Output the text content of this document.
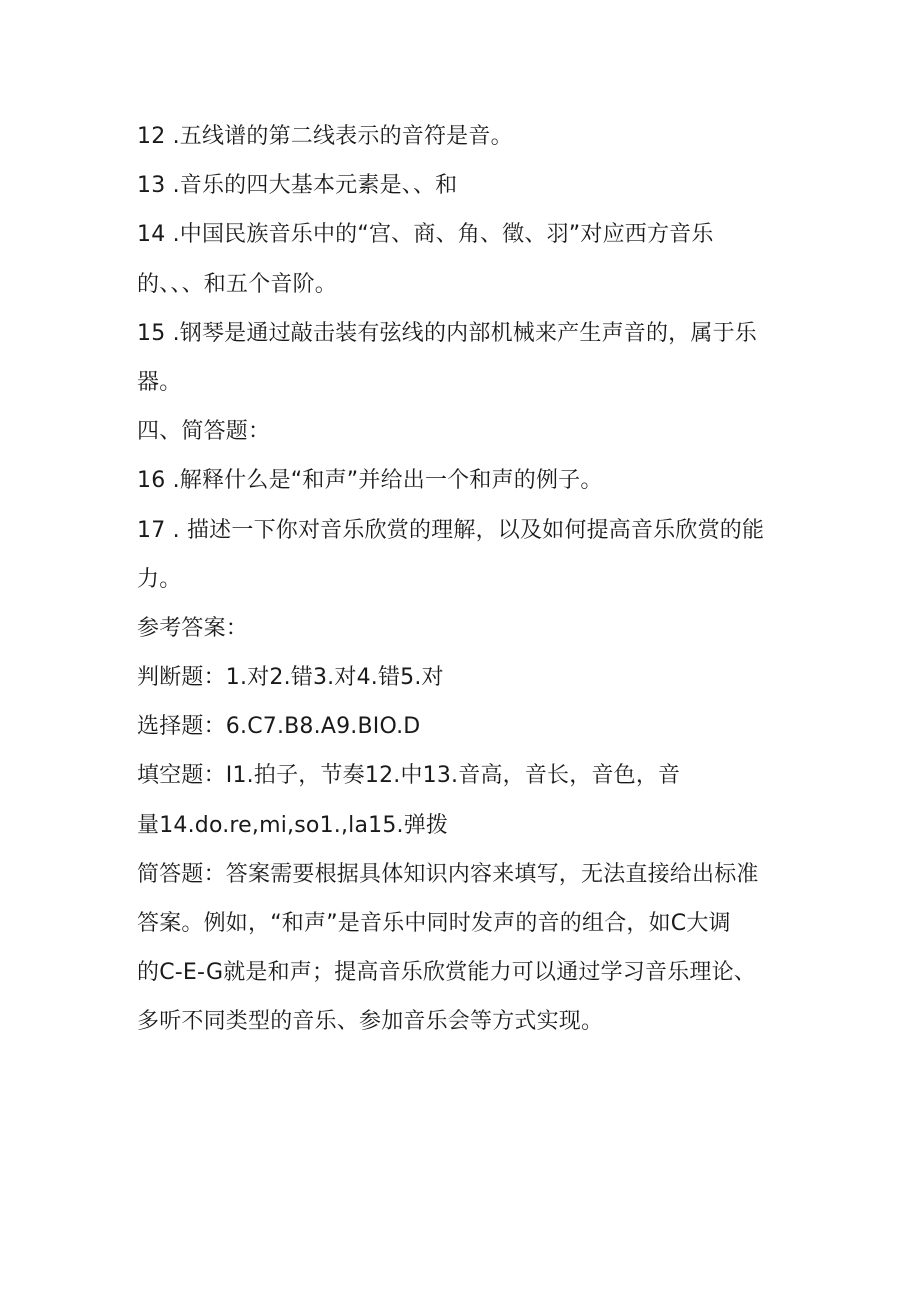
12 .五线谱的第二线表示的音符是音。
13 .音乐的四大基本元素是、、和
14 .中国民族音乐中的“宫、商、角、徵、羽”对应西方音乐
的、、、和五个音阶。
15 .钢琴是通过敲击装有弦线的内部机械来产生声音的，属于乐
器。
四、简答题：
16 .解释什么是“和声”并给出一个和声的例子。
17 . 描述一下你对音乐欣赏的理解，以及如何提高音乐欣赏的能
力。
参考答案：
判断题：1.对2.错3.对4.错5.对
选择题：6.C7.B8.A9.BIO.D
填空题：I1.拍子，节奏12.中13.音高，音长，音色，音
量14.do.re,mi,so1.,la15.弹拨
简答题：答案需要根据具体知识内容来填写，无法直接给出标准
答案。例如，“和声”是音乐中同时发声的音的组合，如C大调
的C-E-G就是和声；提高音乐欣赏能力可以通过学习音乐理论、
多听不同类型的音乐、参加音乐会等方式实现。
